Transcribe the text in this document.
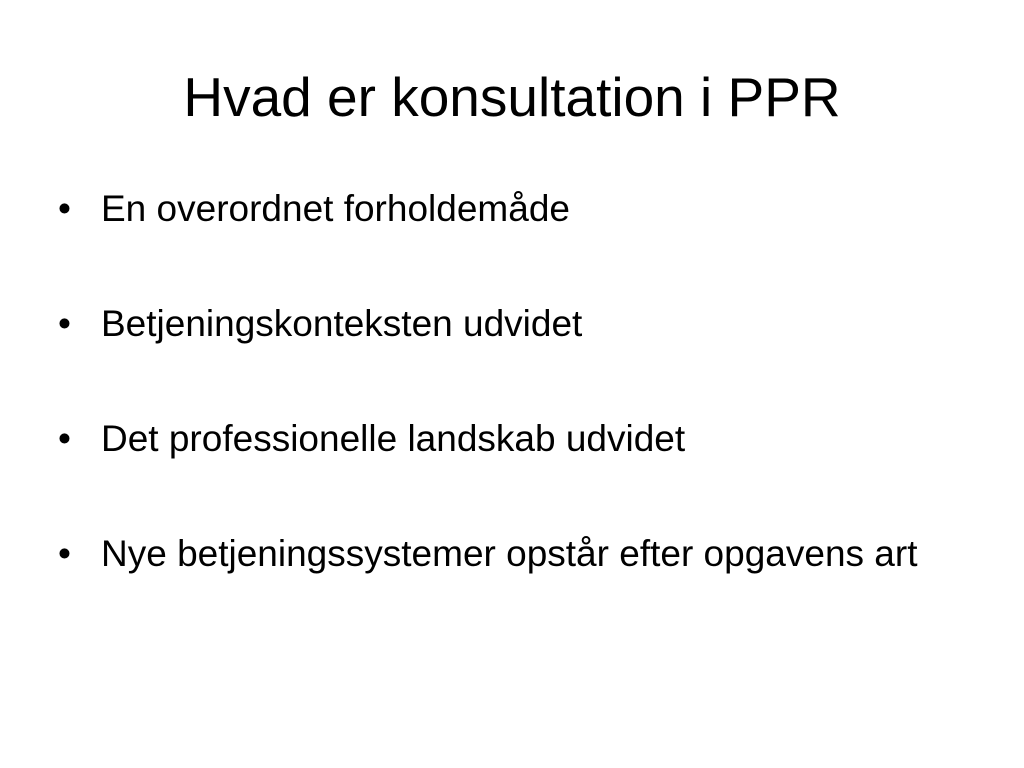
Hvad er konsultation i PPR
• En overordnet forholdemåde
• Betjeningskonteksten udvidet
• Det professionelle landskab udvidet
• Nye betjeningssystemer opstår efter opgavens art
